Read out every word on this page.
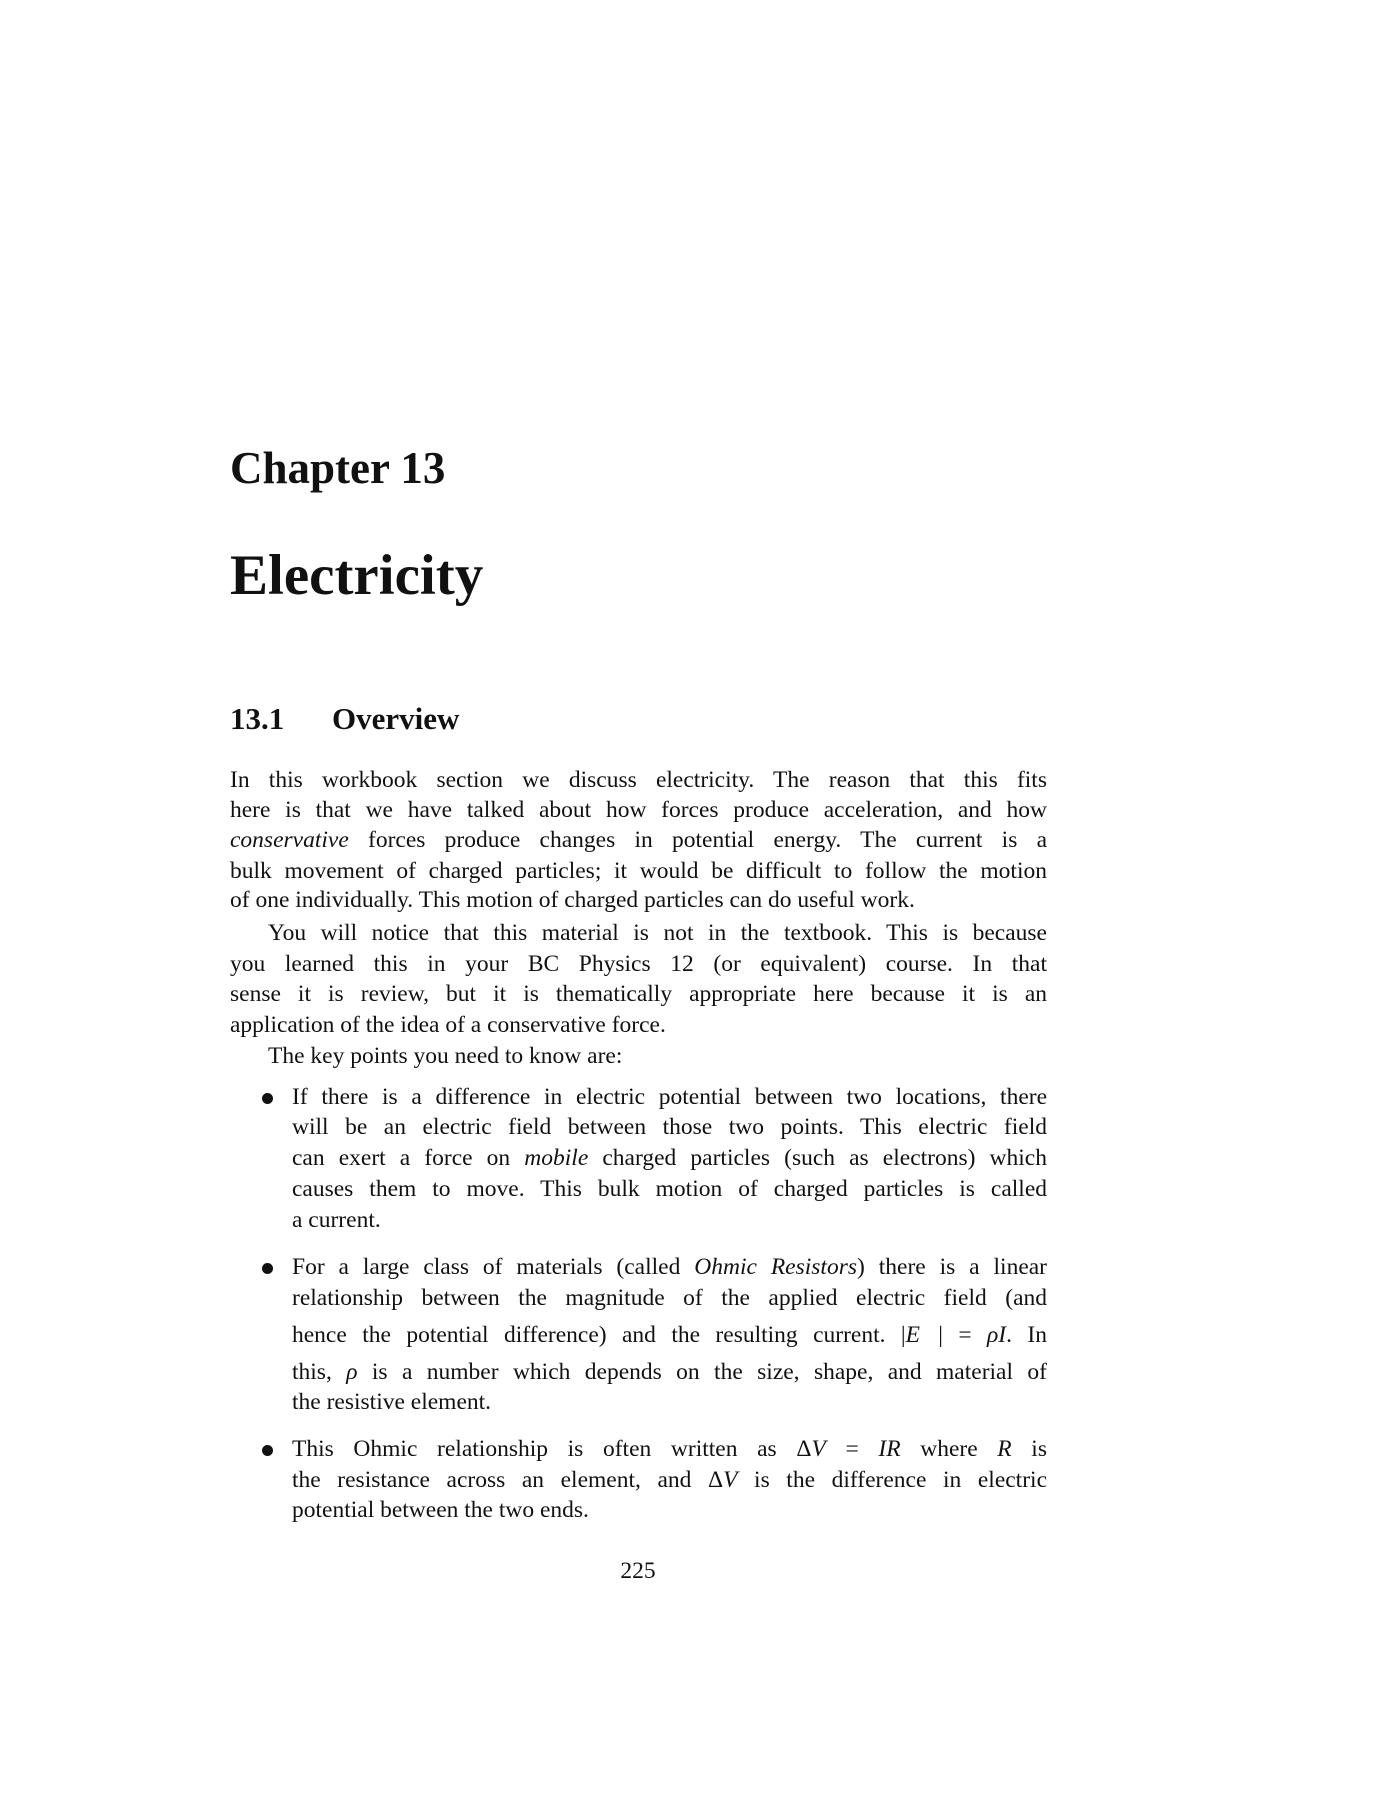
Chapter 13
Electricity
13.1 Overview
In this workbook section we discuss electricity. The reason that this fits
here is that we have talked about how forces produce acceleration, and how
conservative forces produce changes in potential energy. The current is a
bulk movement of charged particles; it would be difficult to follow the motion
of one individually. This motion of charged particles can do useful work.
You will notice that this material is not in the textbook. This is because
you learned this in your BC Physics 12 (or equivalent) course. In that
sense it is review, but it is thematically appropriate here because it is an
application of the idea of a conservative force.
The key points you need to know are:
If there is a difference in electric potential between two locations, there
will be an electric field between those two points. This electric field
can exert a force on mobile charged particles (such as electrons) which
causes them to move. This bulk motion of charged particles is called
a current.
For a large class of materials (called Ohmic Resistors) there is a linear
relationship between the magnitude of the applied electric field (and
hence the potential difference) and the resulting current. |E⃗| = ρI. In
this, ρ is a number which depends on the size, shape, and material of
the resistive element.
This Ohmic relationship is often written as ΔV = IR where R is
the resistance across an element, and ΔV is the difference in electric
potential between the two ends.
225
